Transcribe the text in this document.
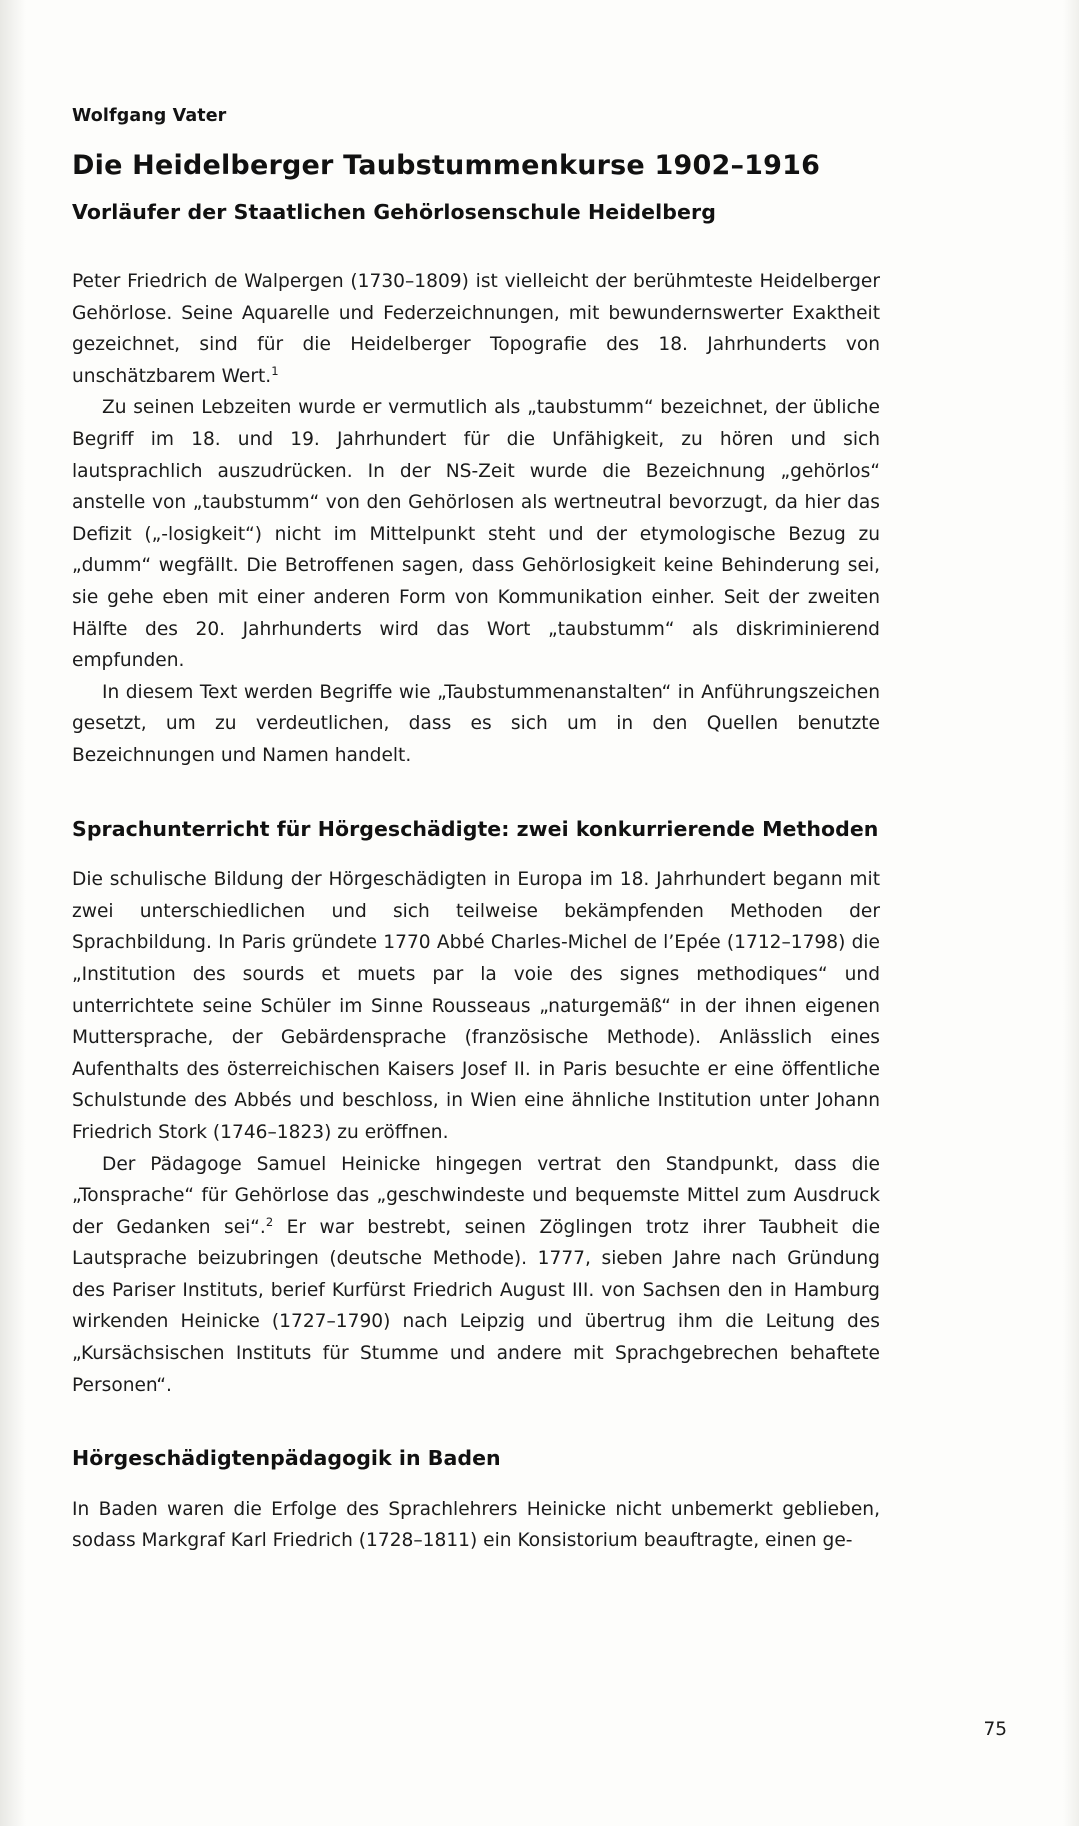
Wolfgang Vater
Die Heidelberger Taubstummenkurse 1902–1916
Vorläufer der Staatlichen Gehörlosenschule Heidelberg

Peter Friedrich de Walpergen (1730–1809) ist vielleicht der berühmteste Heidelberger Gehörlose. Seine Aquarelle und Federzeichnungen, mit bewundernswerter Exaktheit gezeichnet, sind für die Heidelberger Topografie des 18. Jahrhunderts von unschätzbarem Wert.$^1$

Zu seinen Lebzeiten wurde er vermutlich als „taubstumm“ bezeichnet, der übliche Begriff im 18. und 19. Jahrhundert für die Unfähigkeit, zu hören und sich lautsprachlich auszudrücken. In der NS-Zeit wurde die Bezeichnung „gehörlos“ anstelle von „taubstumm“ von den Gehörlosen als wertneutral bevorzugt, da hier das Defizit („-losigkeit“) nicht im Mittelpunkt steht und der etymologische Bezug zu „dumm“ wegfällt. Die Betroffenen sagen, dass Gehörlosigkeit keine Behinderung sei, sie gehe eben mit einer anderen Form von Kommunikation einher. Seit der zweiten Hälfte des 20. Jahrhunderts wird das Wort „taubstumm“ als diskriminierend empfunden.

In diesem Text werden Begriffe wie „Taubstummenanstalten“ in Anführungszeichen gesetzt, um zu verdeutlichen, dass es sich um in den Quellen benutzte Bezeichnungen und Namen handelt.

Sprachunterricht für Hörgeschädigte: zwei konkurrierende Methoden

Die schulische Bildung der Hörgeschädigten in Europa im 18. Jahrhundert begann mit zwei unterschiedlichen und sich teilweise bekämpfenden Methoden der Sprachbildung. In Paris gründete 1770 Abbé Charles-Michel de l’Epée (1712–1798) die „Institution des sourds et muets par la voie des signes methodiques“ und unterrichtete seine Schüler im Sinne Rousseaus „naturgemäß“ in der ihnen eigenen Muttersprache, der Gebärdensprache (französische Methode). Anlässlich eines Aufenthalts des österreichischen Kaisers Josef II. in Paris besuchte er eine öffentliche Schulstunde des Abbés und beschloss, in Wien eine ähnliche Institution unter Johann Friedrich Stork (1746–1823) zu eröffnen.

Der Pädagoge Samuel Heinicke hingegen vertrat den Standpunkt, dass die „Tonsprache“ für Gehörlose das „geschwindeste und bequemste Mittel zum Ausdruck der Gedanken sei“.$^2$ Er war bestrebt, seinen Zöglingen trotz ihrer Taubheit die Lautsprache beizubringen (deutsche Methode). 1777, sieben Jahre nach Gründung des Pariser Instituts, berief Kurfürst Friedrich August III. von Sachsen den in Hamburg wirkenden Heinicke (1727–1790) nach Leipzig und übertrug ihm die Leitung des „Kursächsischen Instituts für Stumme und andere mit Sprachgebrechen behaftete Personen“.

Hörgeschädigtenpädagogik in Baden

In Baden waren die Erfolge des Sprachlehrers Heinicke nicht unbemerkt geblieben, sodass Markgraf Karl Friedrich (1728–1811) ein Konsistorium beauftragte, einen ge-

75
